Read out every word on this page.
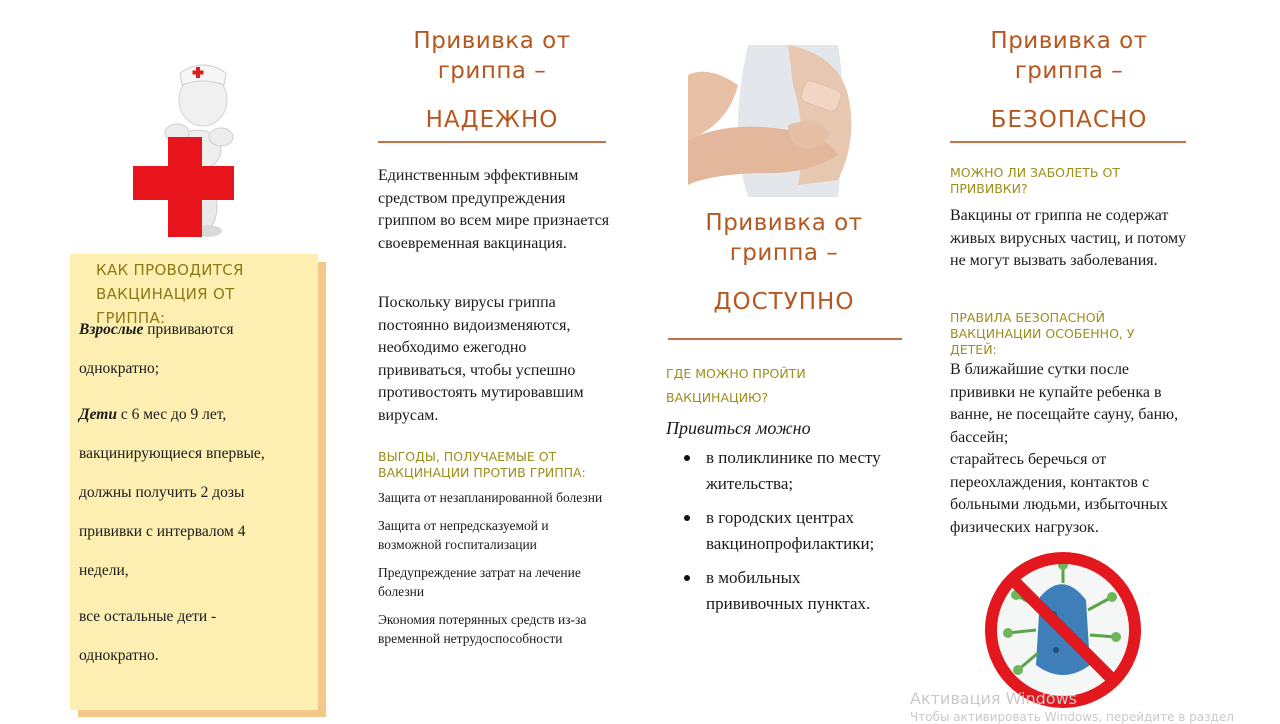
КАК ПРОВОДИТСЯ
ВАКЦИНАЦИЯ ОТ
ГРИППА:
Взрослые прививаются
однократно;
Дети с 6 мес до 9 лет,
вакцинирующиеся впервые,
должны получить 2 дозы
прививки с интервалом 4
недели,
все остальные дети -
однократно.
Прививка от
гриппа –
НАДЕЖНО
Единственным эффективным средством предупреждения гриппом во всем мире признается своевременная вакцинация.
Поскольку вирусы гриппа постоянно видоизменяются, необходимо ежегодно прививаться, чтобы успешно противостоять мутировавшим вирусам.
ВЫГОДЫ, ПОЛУЧАЕМЫЕ ОТ ВАКЦИНАЦИИ ПРОТИВ ГРИППА:
Защита от незапланированной болезни
Защита от непредсказуемой и возможной госпитализации
Предупреждение затрат на лечение болезни
Экономия потерянных средств из-за временной нетрудоспособности
Прививка от
гриппа –
ДОСТУПНО
ГДЕ МОЖНО ПРОЙТИ
ВАКЦИНАЦИЮ?
Привиться можно
в поликлинике по месту жительства;
в городских центрах вакцинопрофилактики;
в мобильных прививочных пунктах.
Прививка от
гриппа –
БЕЗОПАСНО
МОЖНО ЛИ ЗАБОЛЕТЬ ОТ ПРИВИВКИ?
Вакцины от гриппа не содержат живых вирусных частиц, и потому не могут вызвать заболевания.
ПРАВИЛА БЕЗОПАСНОЙ ВАКЦИНАЦИИ ОСОБЕННО, У ДЕТЕЙ:
В ближайшие сутки после прививки не купайте ребенка в ванне, не посещайте сауну, баню, бассейн;
старайтесь беречься от переохлаждения, контактов с больными людьми, избыточных физических нагрузок.
Активация Windows
Чтобы активировать Windows, перейдите в раздел
